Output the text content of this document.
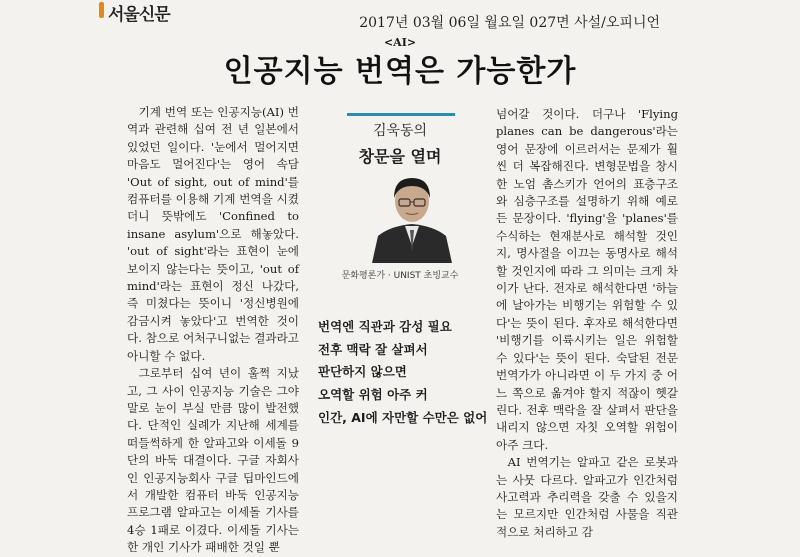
서울신문	2017년 03월 06일 월요일 027면 사설/오피니언
<AI>
인공지능 번역은 가능한가

기계 번역 또는 인공지능(AI) 번역과 관련해 십여 전 년 일본에서 있었던 일이다. '눈에서 멀어지면 마음도 멀어진다'는 영어 속담 'Out of sight, out of mind'를 컴퓨터를 이용해 기계 번역을 시켰더니 뜻밖에도 'Confined to insane asylum'으로 해놓았다. 'out of sight'라는 표현이 눈에 보이지 않는다는 뜻이고, 'out of mind'라는 표현이 정신 나갔다, 즉 미쳤다는 뜻이니 '정신병원에 감금시켜 놓았다'고 번역한 것이다. 참으로 어처구니없는 결과라고 아니할 수 없다.

그로부터 십여 년이 훌쩍 지났고, 그 사이 인공지능 기술은 그야말로 눈이 부실 만큼 많이 발전했다. 단적인 실례가 지난해 세계를 떠들썩하게 한 알파고와 이세돌 9단의 바둑 대결이다. 구글 자회사인 인공지능회사 구글 딥마인드에서 개발한 컴퓨터 바둑 인공지능 프로그램 알파고는 이세돌 기사를 4승 1패로 이겼다. 이세돌 기사는 한 개인 기사가 패배한 것일 뿐

김욱동의
창문을 열며
문화평론가 · UNIST 초빙교수
번역엔 직관과 감성 필요
전후 맥락 잘 살펴서
판단하지 않으면
오역할 위험 아주 커
인간, AI에 자만할 수만은 없어

넘어갈 것이다. 더구나 'Flying planes can be dangerous'라는 영어 문장에 이르러서는 문제가 훨씬 더 복잡해진다. 변형문법을 창시한 노엄 촘스키가 언어의 표층구조와 심층구조를 설명하기 위해 예로 든 문장이다. 'flying'을 'planes'를 수식하는 현재분사로 해석할 것인지, 명사절을 이끄는 동명사로 해석할 것인지에 따라 그 의미는 크게 차이가 난다. 전자로 해석한다면 '하늘에 날아가는 비행기는 위험할 수 있다'는 뜻이 된다. 후자로 해석한다면 '비행기를 이륙시키는 일은 위험할 수 있다'는 뜻이 된다. 숙달된 전문 번역가가 아니라면 이 두 가지 중 어느 쪽으로 옮겨야 할지 적잖이 헷갈린다. 전후 맥락을 잘 살펴서 판단을 내리지 않으면 자칫 오역할 위험이 아주 크다.

AI 번역기는 알파고 같은 로봇과는 사뭇 다르다. 알파고가 인간처럼 사고력과 추리력을 갖출 수 있을지는 모르지만 인간처럼 사물을 직관적으로 처리하고 감
